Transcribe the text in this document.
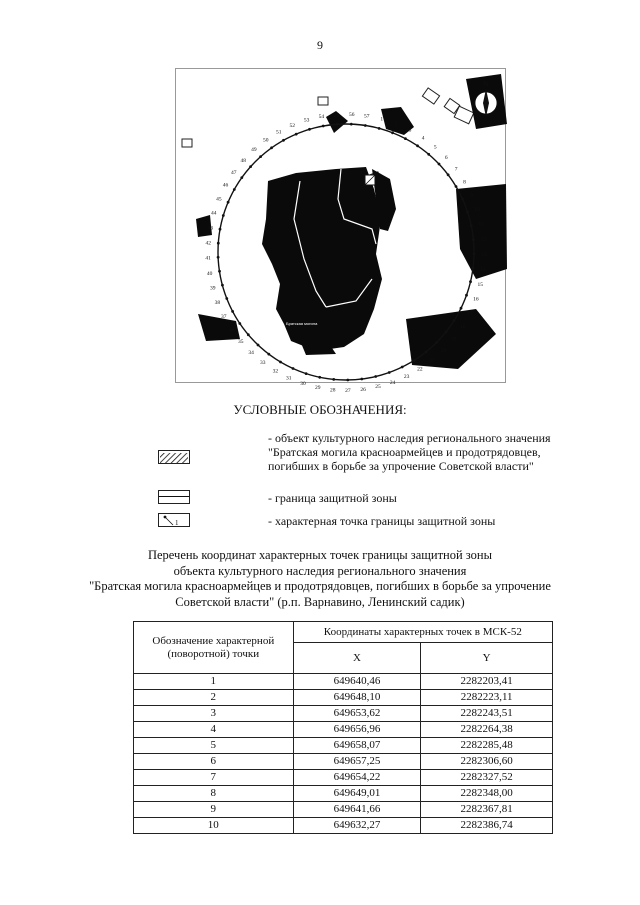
9
Братская могила
N
1
2
3
4
5
6
7
8
9
10
11
12
13
14
15
16
17
18
19
20
21
22
23
24
25
26
27
28
29
30
31
32
33
34
35
36
37
38
39
40
41
42
43
44
45
46
47
48
49
50
51
52
53
54 55 56 57
УСЛОВНЫЕ ОБОЗНАЧЕНИЯ:
- объект культурного наследия регионального значения "Братская могила красноармейцев и продотрядовцев, погибших в борьбе за упрочение Советской власти"
- граница защитной зоны
1	- характерная точка границы защитной зоны
Перечень координат характерных точек границы защитной зоны
объекта культурного наследия регионального значения
"Братская могила красноармейцев и продотрядовцев, погибших в борьбе за упрочение
Советской власти" (р.п. Варнавино, Ленинский садик)
Обозначение характерной (поворотной) точки	Координаты характерных точек в МСК-52	
	X	Y
1	649640,46	2282203,41
2	649648,10	2282223,11
3	649653,62	2282243,51
4	649656,96	2282264,38
5	649658,07	2282285,48
6	649657,25	2282306,60
7	649654,22	2282327,52
8	649649,01	2282348,00
9	649641,66	2282367,81
10	649632,27	2282386,74
